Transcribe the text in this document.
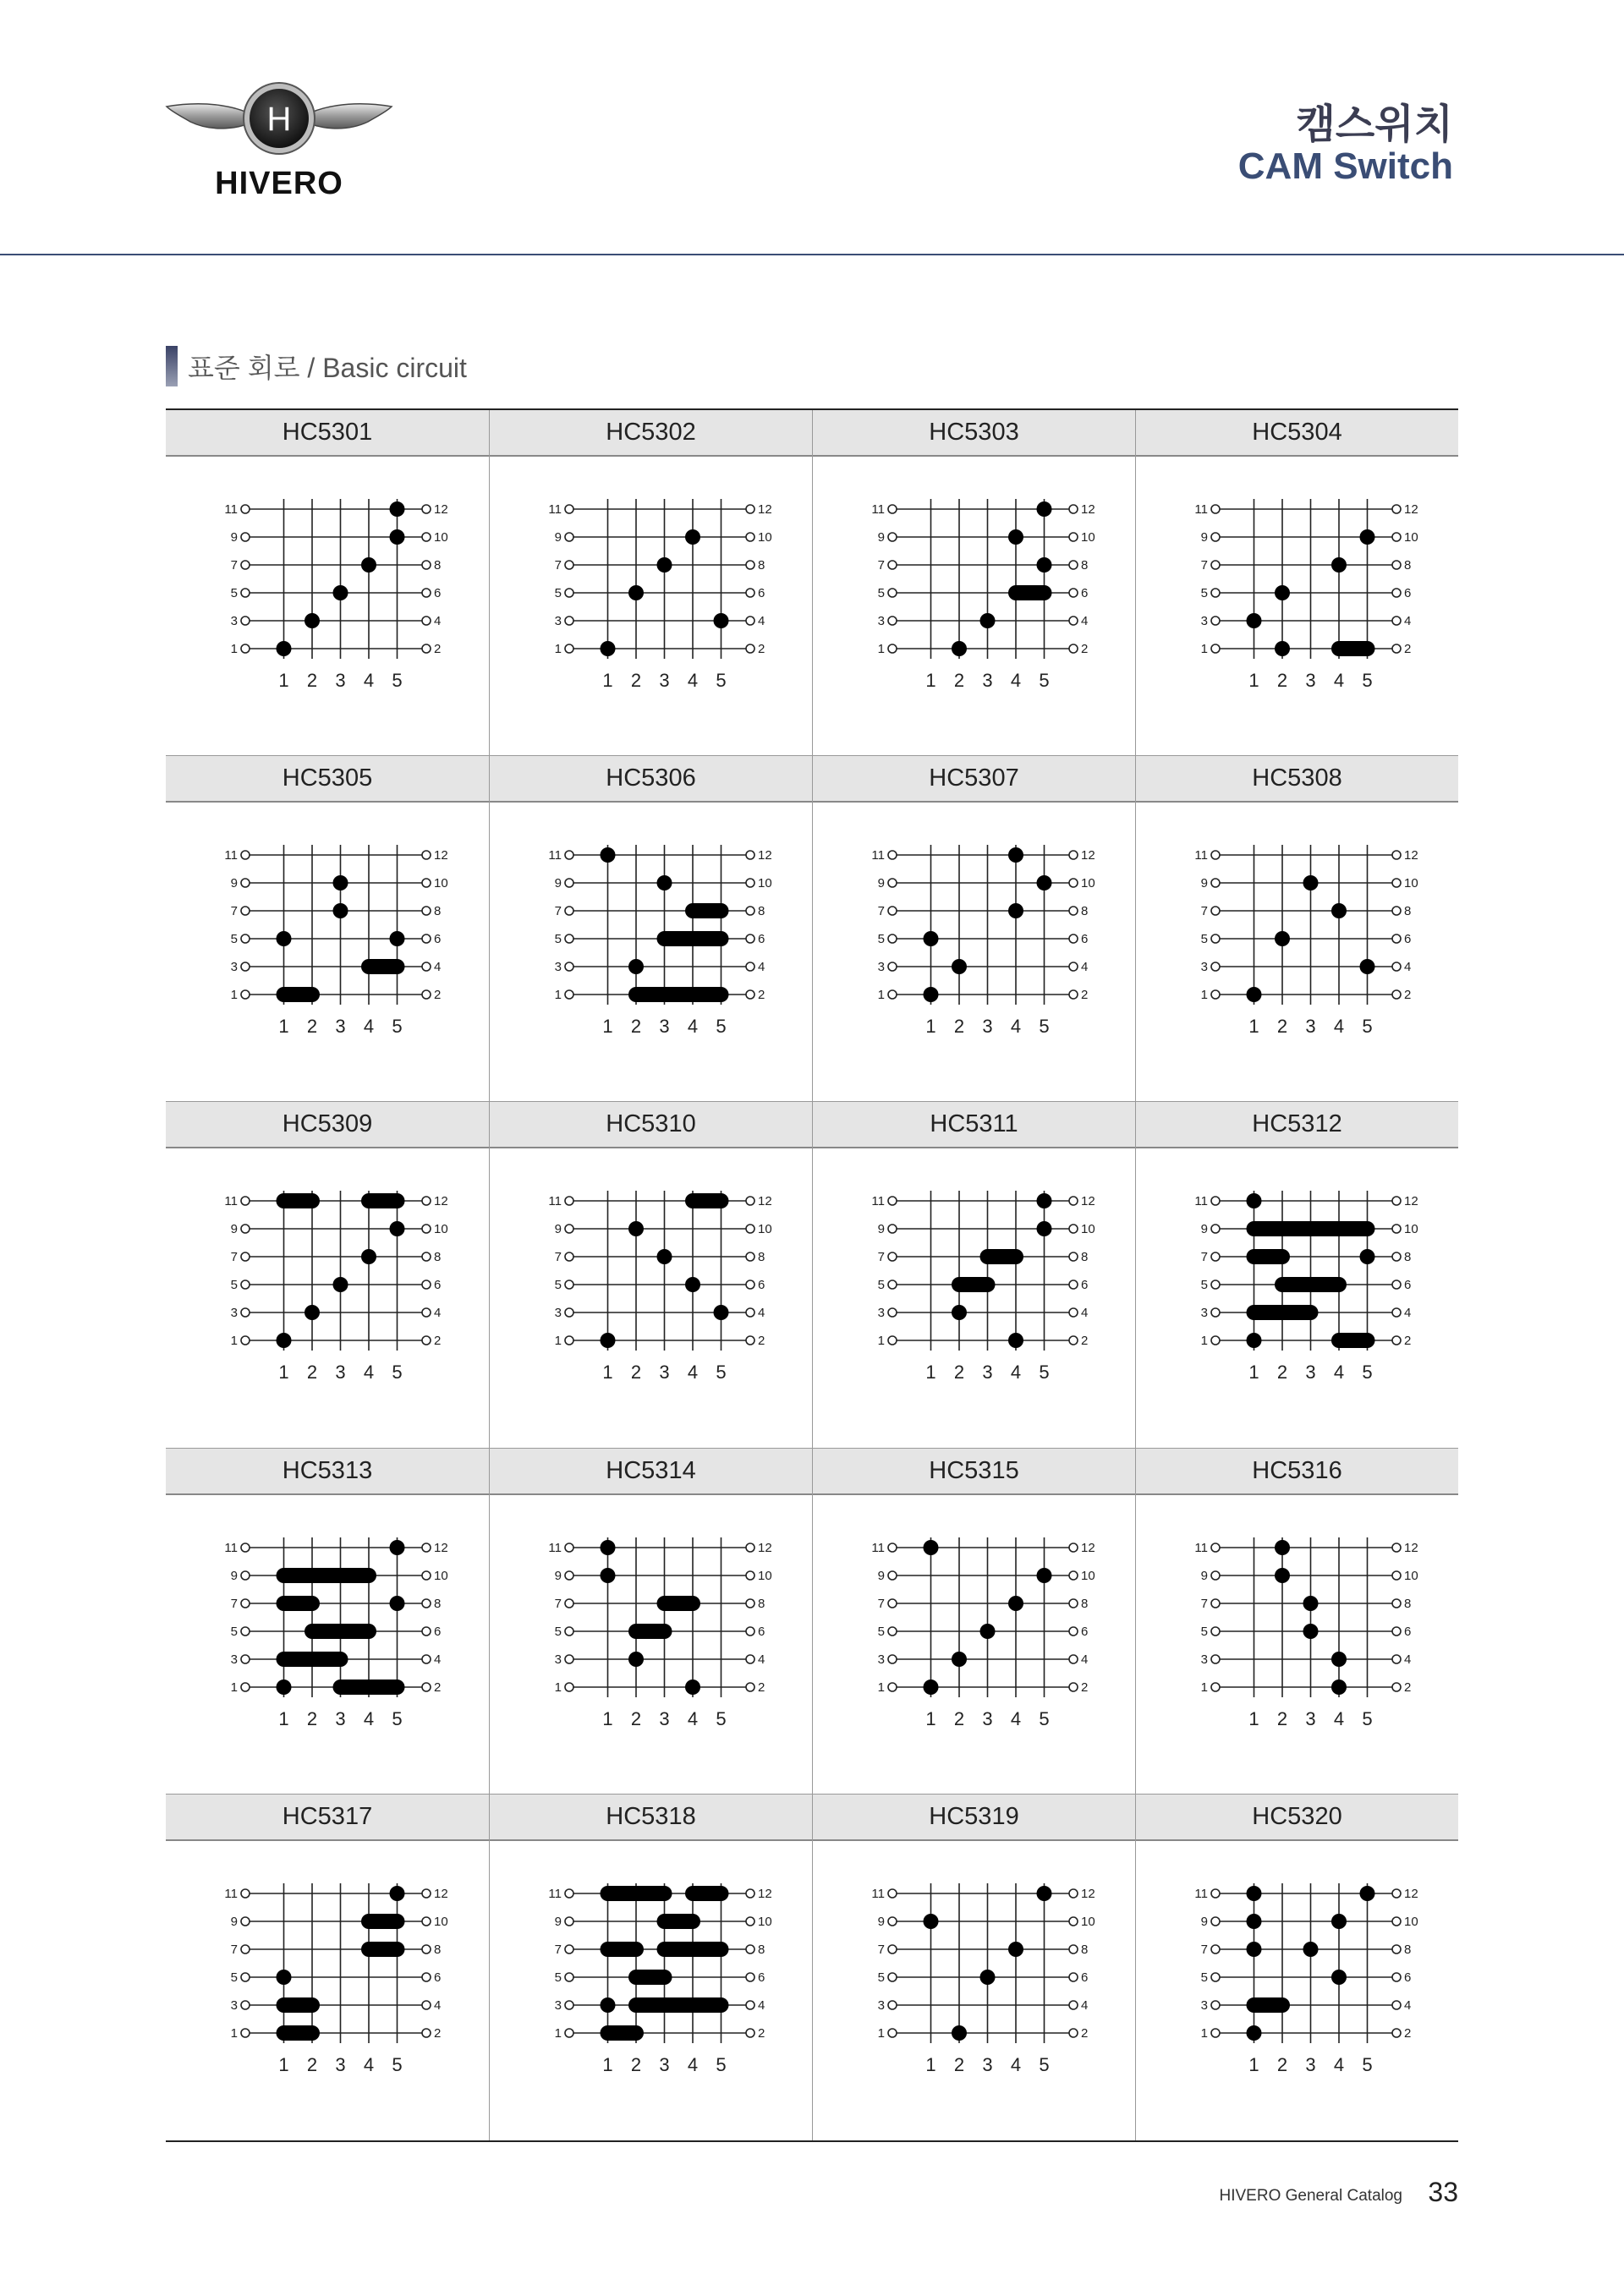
H
HIVERO
캠스위치
CAM Switch
표준 회로 / Basic circuit
HC5301
11	12
9	10
7	8
5	6
3	4
1	2
1 2 3 4 5
HC5302
11	12
9	10
7	8
5	6
3	4
1	2
1 2 3 4 5
HC5303
11	12
9	10
7	8
5	6
3	4
1	2
1 2 3 4 5
HC5304
11	12
9	10
7	8
5	6
3	4
1	2
1 2 3 4 5
HC5305
11	12
9	10
7	8
5	6
3	4
1	2
1 2 3 4 5
HC5306
11	12
9	10
7	8
5	6
3	4
1	2
1 2 3 4 5
HC5307
11	12
9	10
7	8
5	6
3	4
1	2
1 2 3 4 5
HC5308
11	12
9	10
7	8
5	6
3	4
1	2
1 2 3 4 5
HC5309
11	12
9	10
7	8
5	6
3	4
1	2
1 2 3 4 5
HC5310
11	12
9	10
7	8
5	6
3	4
1	2
1 2 3 4 5
HC5311
11	12
9	10
7	8
5	6
3	4
1	2
1 2 3 4 5
HC5312
11	12
9	10
7	8
5	6
3	4
1	2
1 2 3 4 5
HC5313
11	12
9	10
7	8
5	6
3	4
1	2
1 2 3 4 5
HC5314
11	12
9	10
7	8
5	6
3	4
1	2
1 2 3 4 5
HC5315
11	12
9	10
7	8
5	6
3	4
1	2
1 2 3 4 5
HC5316
11	12
9	10
7	8
5	6
3	4
1	2
1 2 3 4 5
HC5317
11	12
9	10
7	8
5	6
3	4
1	2
1 2 3 4 5
HC5318
11	12
9	10
7	8
5	6
3	4
1	2
1 2 3 4 5
HC5319
11	12
9	10
7	8
5	6
3	4
1	2
1 2 3 4 5
HC5320
11	12
9	10
7	8
5	6
3	4
1	2
1 2 3 4 5
HIVERO General Catalog 33
